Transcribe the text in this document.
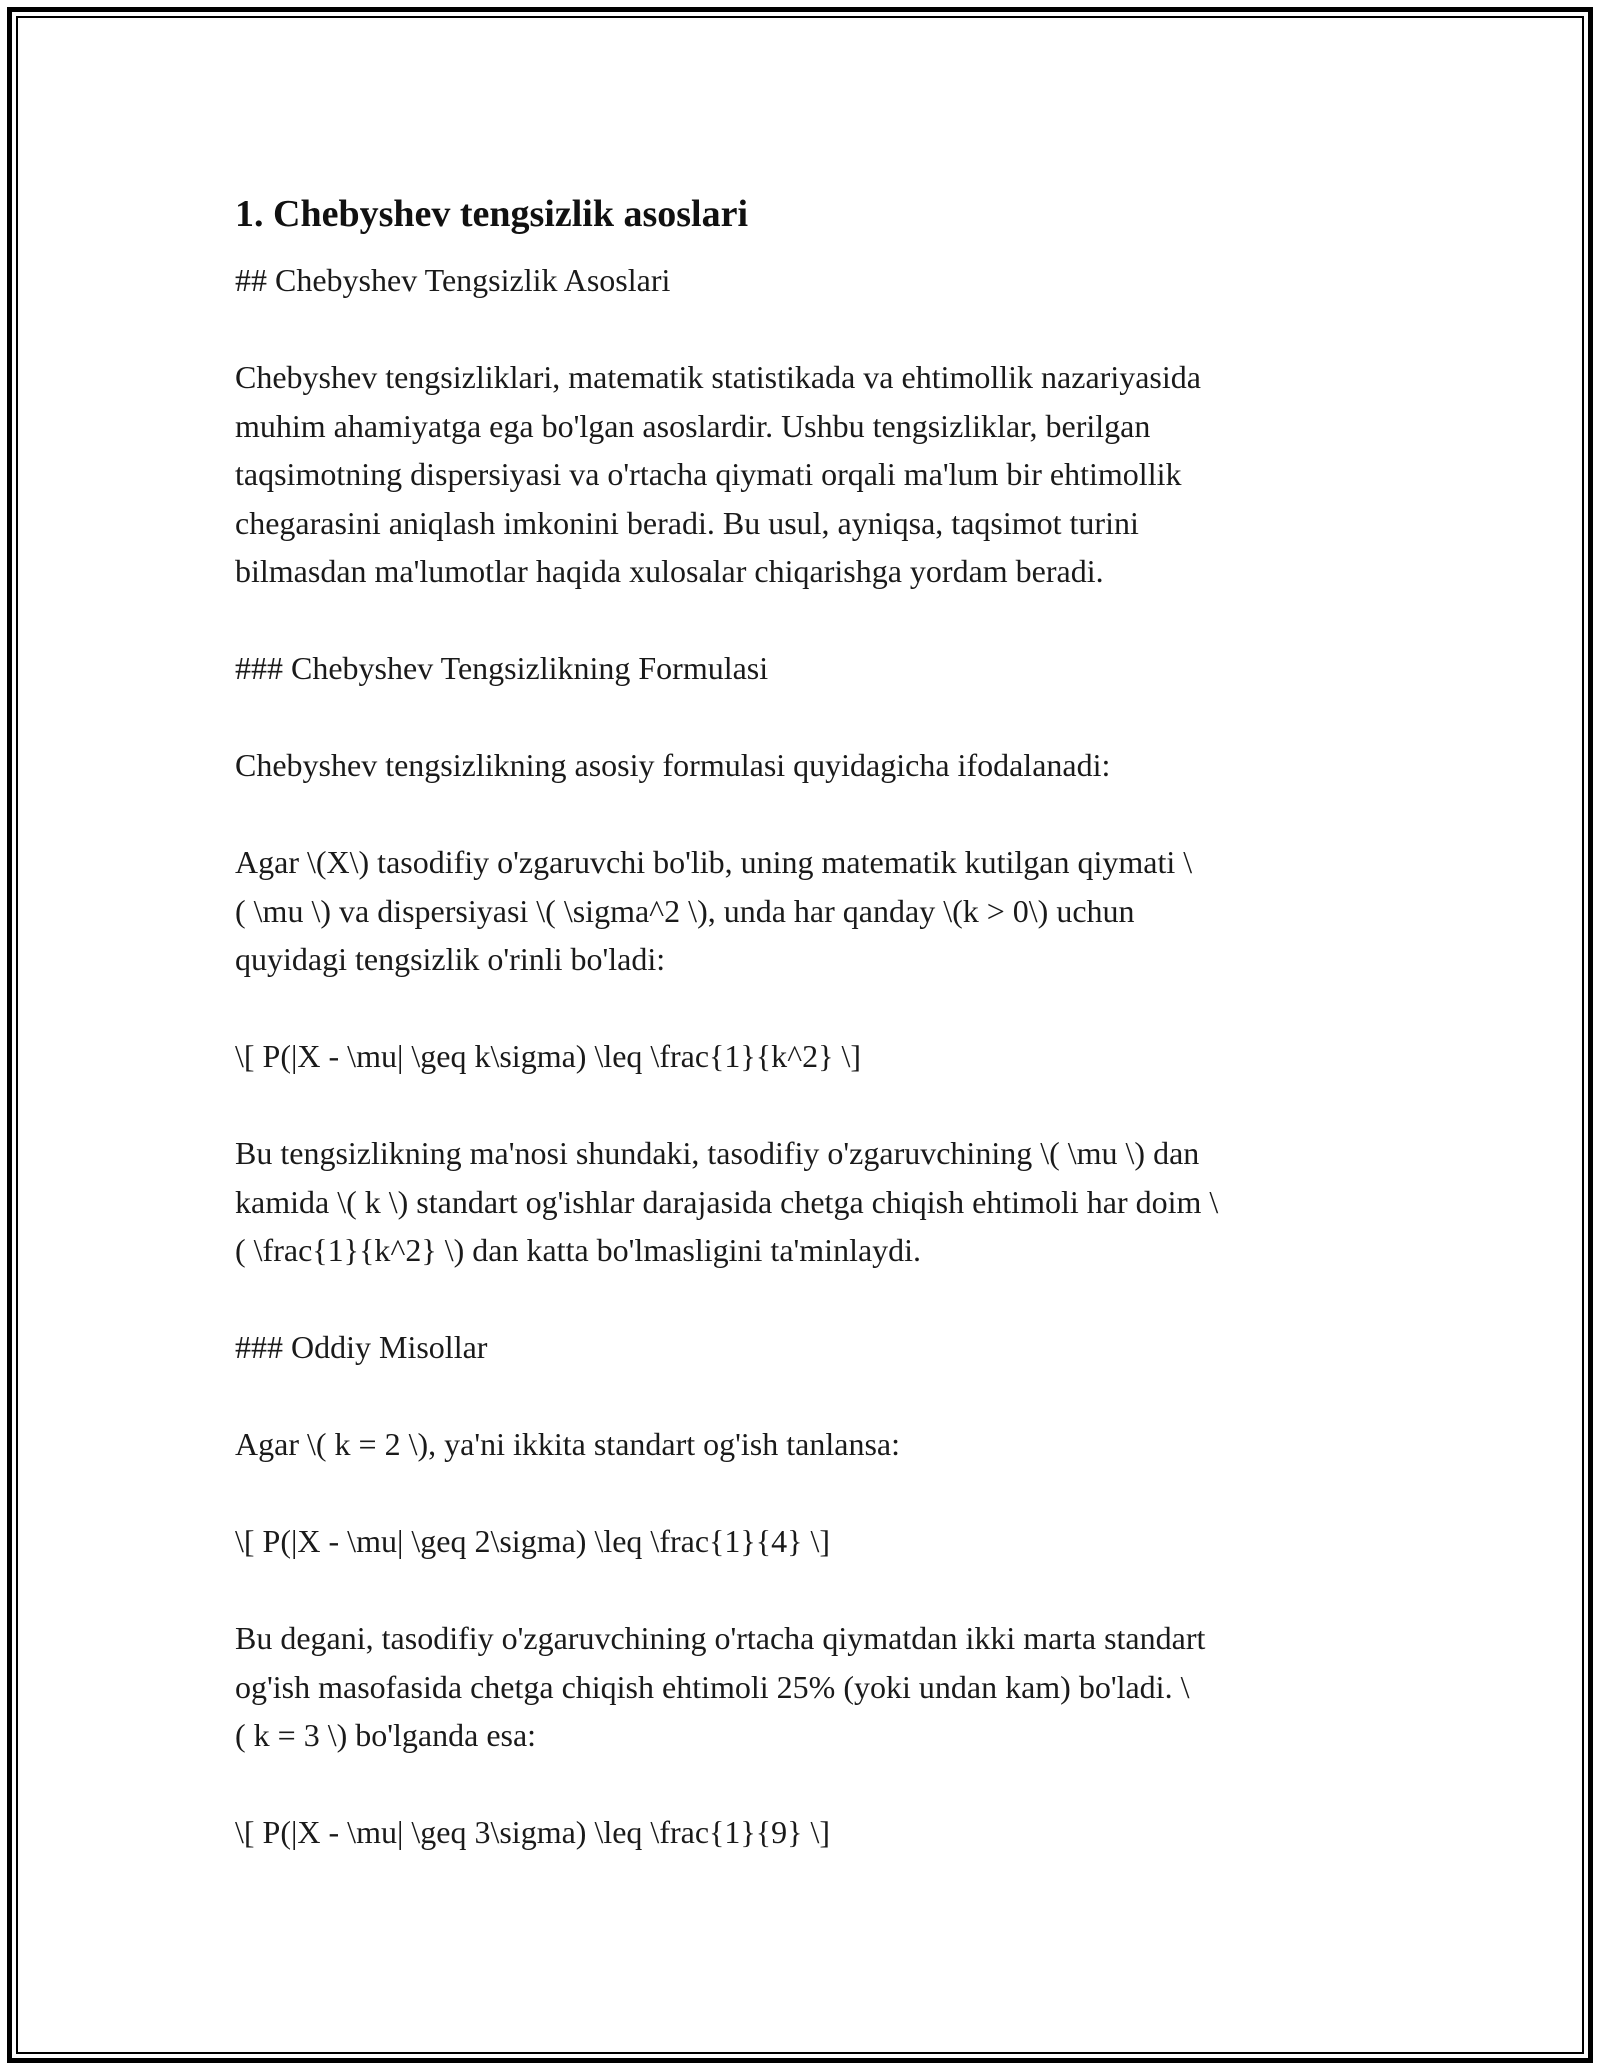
1. Chebyshev tengsizlik asoslari

## Chebyshev Tengsizlik Asoslari

Chebyshev tengsizliklari, matematik statistikada va ehtimollik nazariyasida
muhim ahamiyatga ega bo'lgan asoslardir. Ushbu tengsizliklar, berilgan
taqsimotning dispersiyasi va o'rtacha qiymati orqali ma'lum bir ehtimollik
chegarasini aniqlash imkonini beradi. Bu usul, ayniqsa, taqsimot turini
bilmasdan ma'lumotlar haqida xulosalar chiqarishga yordam beradi.

### Chebyshev Tengsizlikning Formulasi

Chebyshev tengsizlikning asosiy formulasi quyidagicha ifodalanadi:

Agar \(X\) tasodifiy o'zgaruvchi bo'lib, uning matematik kutilgan qiymati \
( \mu \) va dispersiyasi \( \sigma^2 \), unda har qanday \(k > 0\) uchun
quyidagi tengsizlik o'rinli bo'ladi:

\[ P(|X - \mu| \geq k\sigma) \leq \frac{1}{k^2} \]

Bu tengsizlikning ma'nosi shundaki, tasodifiy o'zgaruvchining \( \mu \) dan
kamida \( k \) standart og'ishlar darajasida chetga chiqish ehtimoli har doim \
( \frac{1}{k^2} \) dan katta bo'lmasligini ta'minlaydi.

### Oddiy Misollar

Agar \( k = 2 \), ya'ni ikkita standart og'ish tanlansa:

\[ P(|X - \mu| \geq 2\sigma) \leq \frac{1}{4} \]

Bu degani, tasodifiy o'zgaruvchining o'rtacha qiymatdan ikki marta standart
og'ish masofasida chetga chiqish ehtimoli 25% (yoki undan kam) bo'ladi. \
( k = 3 \) bo'lganda esa:

\[ P(|X - \mu| \geq 3\sigma) \leq \frac{1}{9} \]
